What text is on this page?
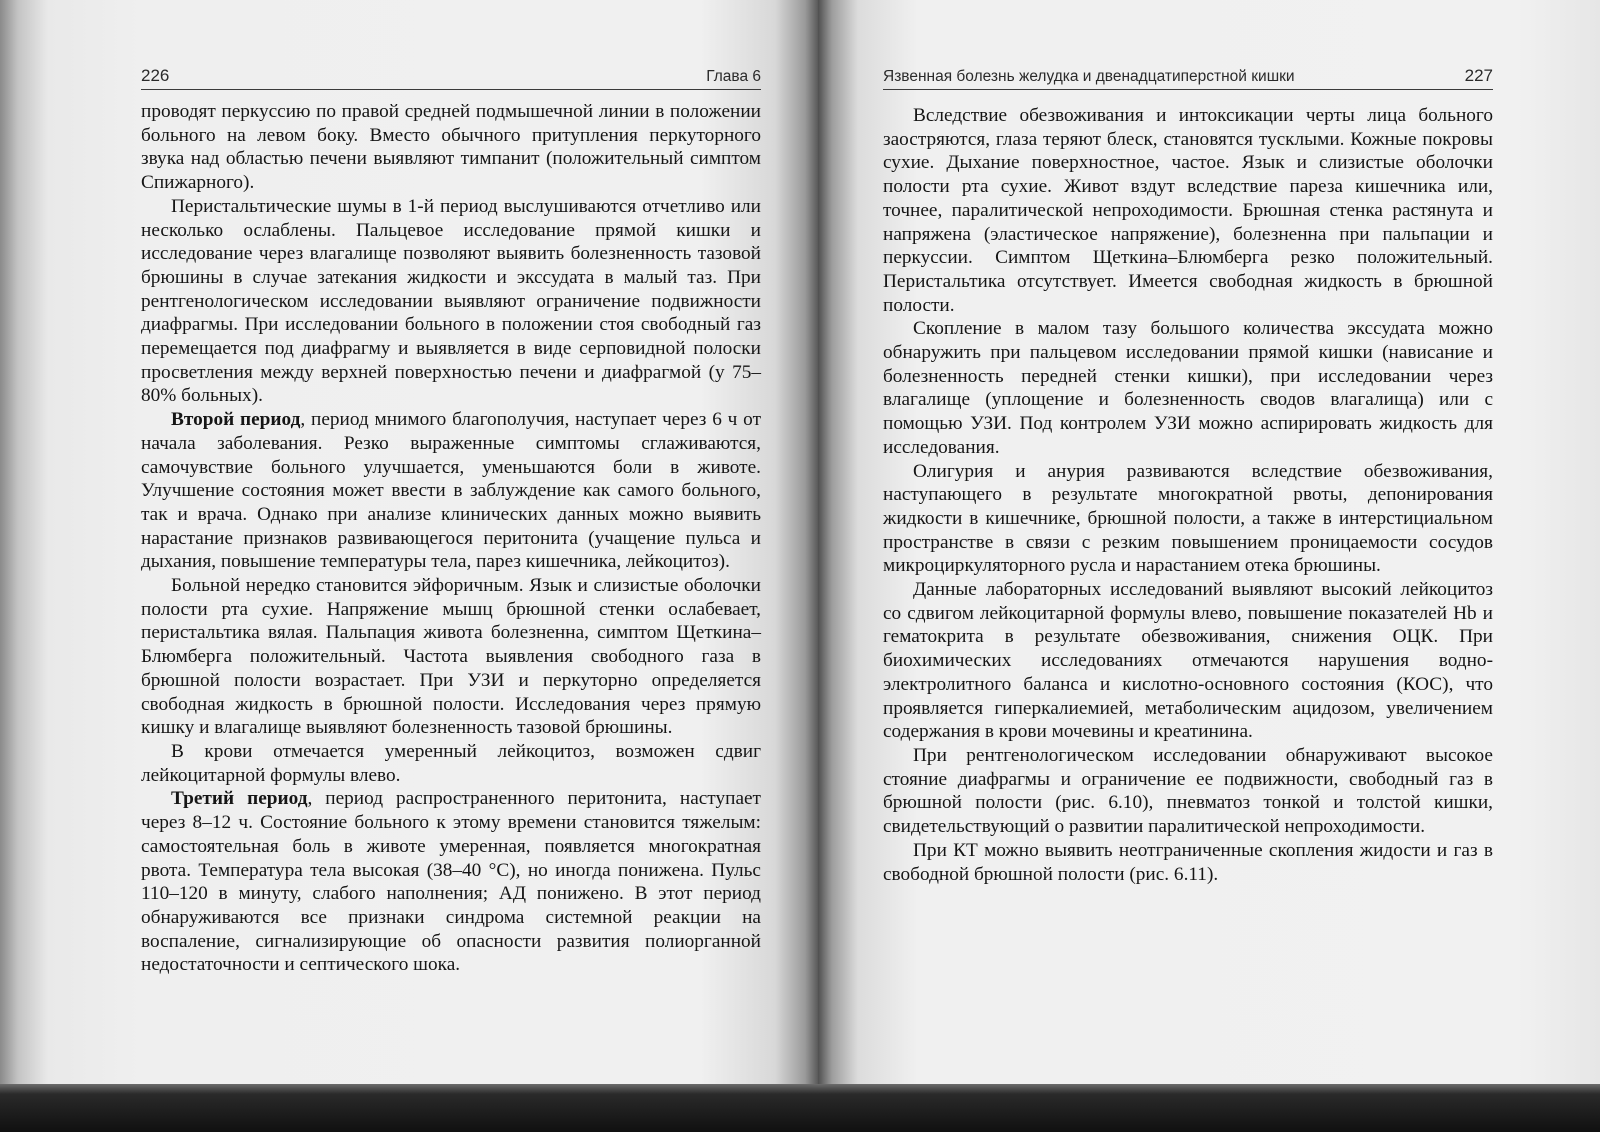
226	Глава 6

проводят перкуссию по правой средней подмышечной линии в положении больного на левом боку. Вместо обычного притупления перкуторного звука над областью печени выявляют тимпанит (положительный симптом Спижарного).

Перистальтические шумы в 1-й период выслушиваются отчетливо или несколько ослаблены. Пальцевое исследование прямой кишки и исследование через влагалище позволяют выявить болезненность тазовой брюшины в случае затекания жидкости и экссудата в малый таз. При рентгенологическом исследовании выявляют ограничение подвижности диафрагмы. При исследовании больного в положении стоя свободный газ перемещается под диафрагму и выявляется в виде серповидной полоски просветления между верхней поверхностью печени и диафрагмой (у 75–80% больных).

Второй период, период мнимого благополучия, наступает через 6 ч от начала заболевания. Резко выраженные симптомы сглаживаются, самочувствие больного улучшается, уменьшаются боли в животе. Улучшение состояния может ввести в заблуждение как самого больного, так и врача. Однако при анализе клинических данных можно выявить нарастание признаков развивающегося перитонита (учащение пульса и дыхания, повышение температуры тела, парез кишечника, лейкоцитоз).

Больной нередко становится эйфоричным. Язык и слизистые оболочки полости рта сухие. Напряжение мышц брюшной стенки ослабевает, перистальтика вялая. Пальпация живота болезненна, симптом Щеткина–Блюмберга положительный. Частота выявления свободного газа в брюшной полости возрастает. При УЗИ и перкуторно определяется свободная жидкость в брюшной полости. Исследования через прямую кишку и влагалище выявляют болезненность тазовой брюшины.

В крови отмечается умеренный лейкоцитоз, возможен сдвиг лейкоцитарной формулы влево.

Третий период, период распространенного перитонита, наступает через 8–12 ч. Состояние больного к этому времени становится тяжелым: самостоятельная боль в животе умеренная, появляется многократная рвота. Температура тела высокая (38–40 °С), но иногда понижена. Пульс 110–120 в минуту, слабого наполнения; АД понижено. В этот период обнаруживаются все признаки синдрома системной реакции на воспаление, сигнализирующие об опасности развития полиорганной недостаточности и септического шока.

Язвенная болезнь желудка и двенадцатиперстной кишки	227

Вследствие обезвоживания и интоксикации черты лица больного заостряются, глаза теряют блеск, становятся тусклыми. Кожные покровы сухие. Дыхание поверхностное, частое. Язык и слизистые оболочки полости рта сухие. Живот вздут вследствие пареза кишечника или, точнее, паралитической непроходимости. Брюшная стенка растянута и напряжена (эластическое напряжение), болезненна при пальпации и перкуссии. Симптом Щеткина–Блюмберга резко положительный. Перистальтика отсутствует. Имеется свободная жидкость в брюшной полости.

Скопление в малом тазу большого количества экссудата можно обнаружить при пальцевом исследовании прямой кишки (нависание и болезненность передней стенки кишки), при исследовании через влагалище (уплощение и болезненность сводов влагалища) или с помощью УЗИ. Под контролем УЗИ можно аспирировать жидкость для исследования.

Олигурия и анурия развиваются вследствие обезвоживания, наступающего в результате многократной рвоты, депонирования жидкости в кишечнике, брюшной полости, а также в интерстициальном пространстве в связи с резким повышением проницаемости сосудов микроциркуляторного русла и нарастанием отека брюшины.

Данные лабораторных исследований выявляют высокий лейкоцитоз со сдвигом лейкоцитарной формулы влево, повышение показателей Hb и гематокрита в результате обезвоживания, снижения ОЦК. При биохимических исследованиях отмечаются нарушения водно-электролитного баланса и кислотно-основного состояния (КОС), что проявляется гиперкалиемией, метаболическим ацидозом, увеличением содержания в крови мочевины и креатинина.

При рентгенологическом исследовании обнаруживают высокое стояние диафрагмы и ограничение ее подвижности, свободный газ в брюшной полости (рис. 6.10), пневматоз тонкой и толстой кишки, свидетельствующий о развитии паралитической непроходимости.

При КТ можно выявить неотграниченные скопления жидости и газ в свободной брюшной полости (рис. 6.11).
